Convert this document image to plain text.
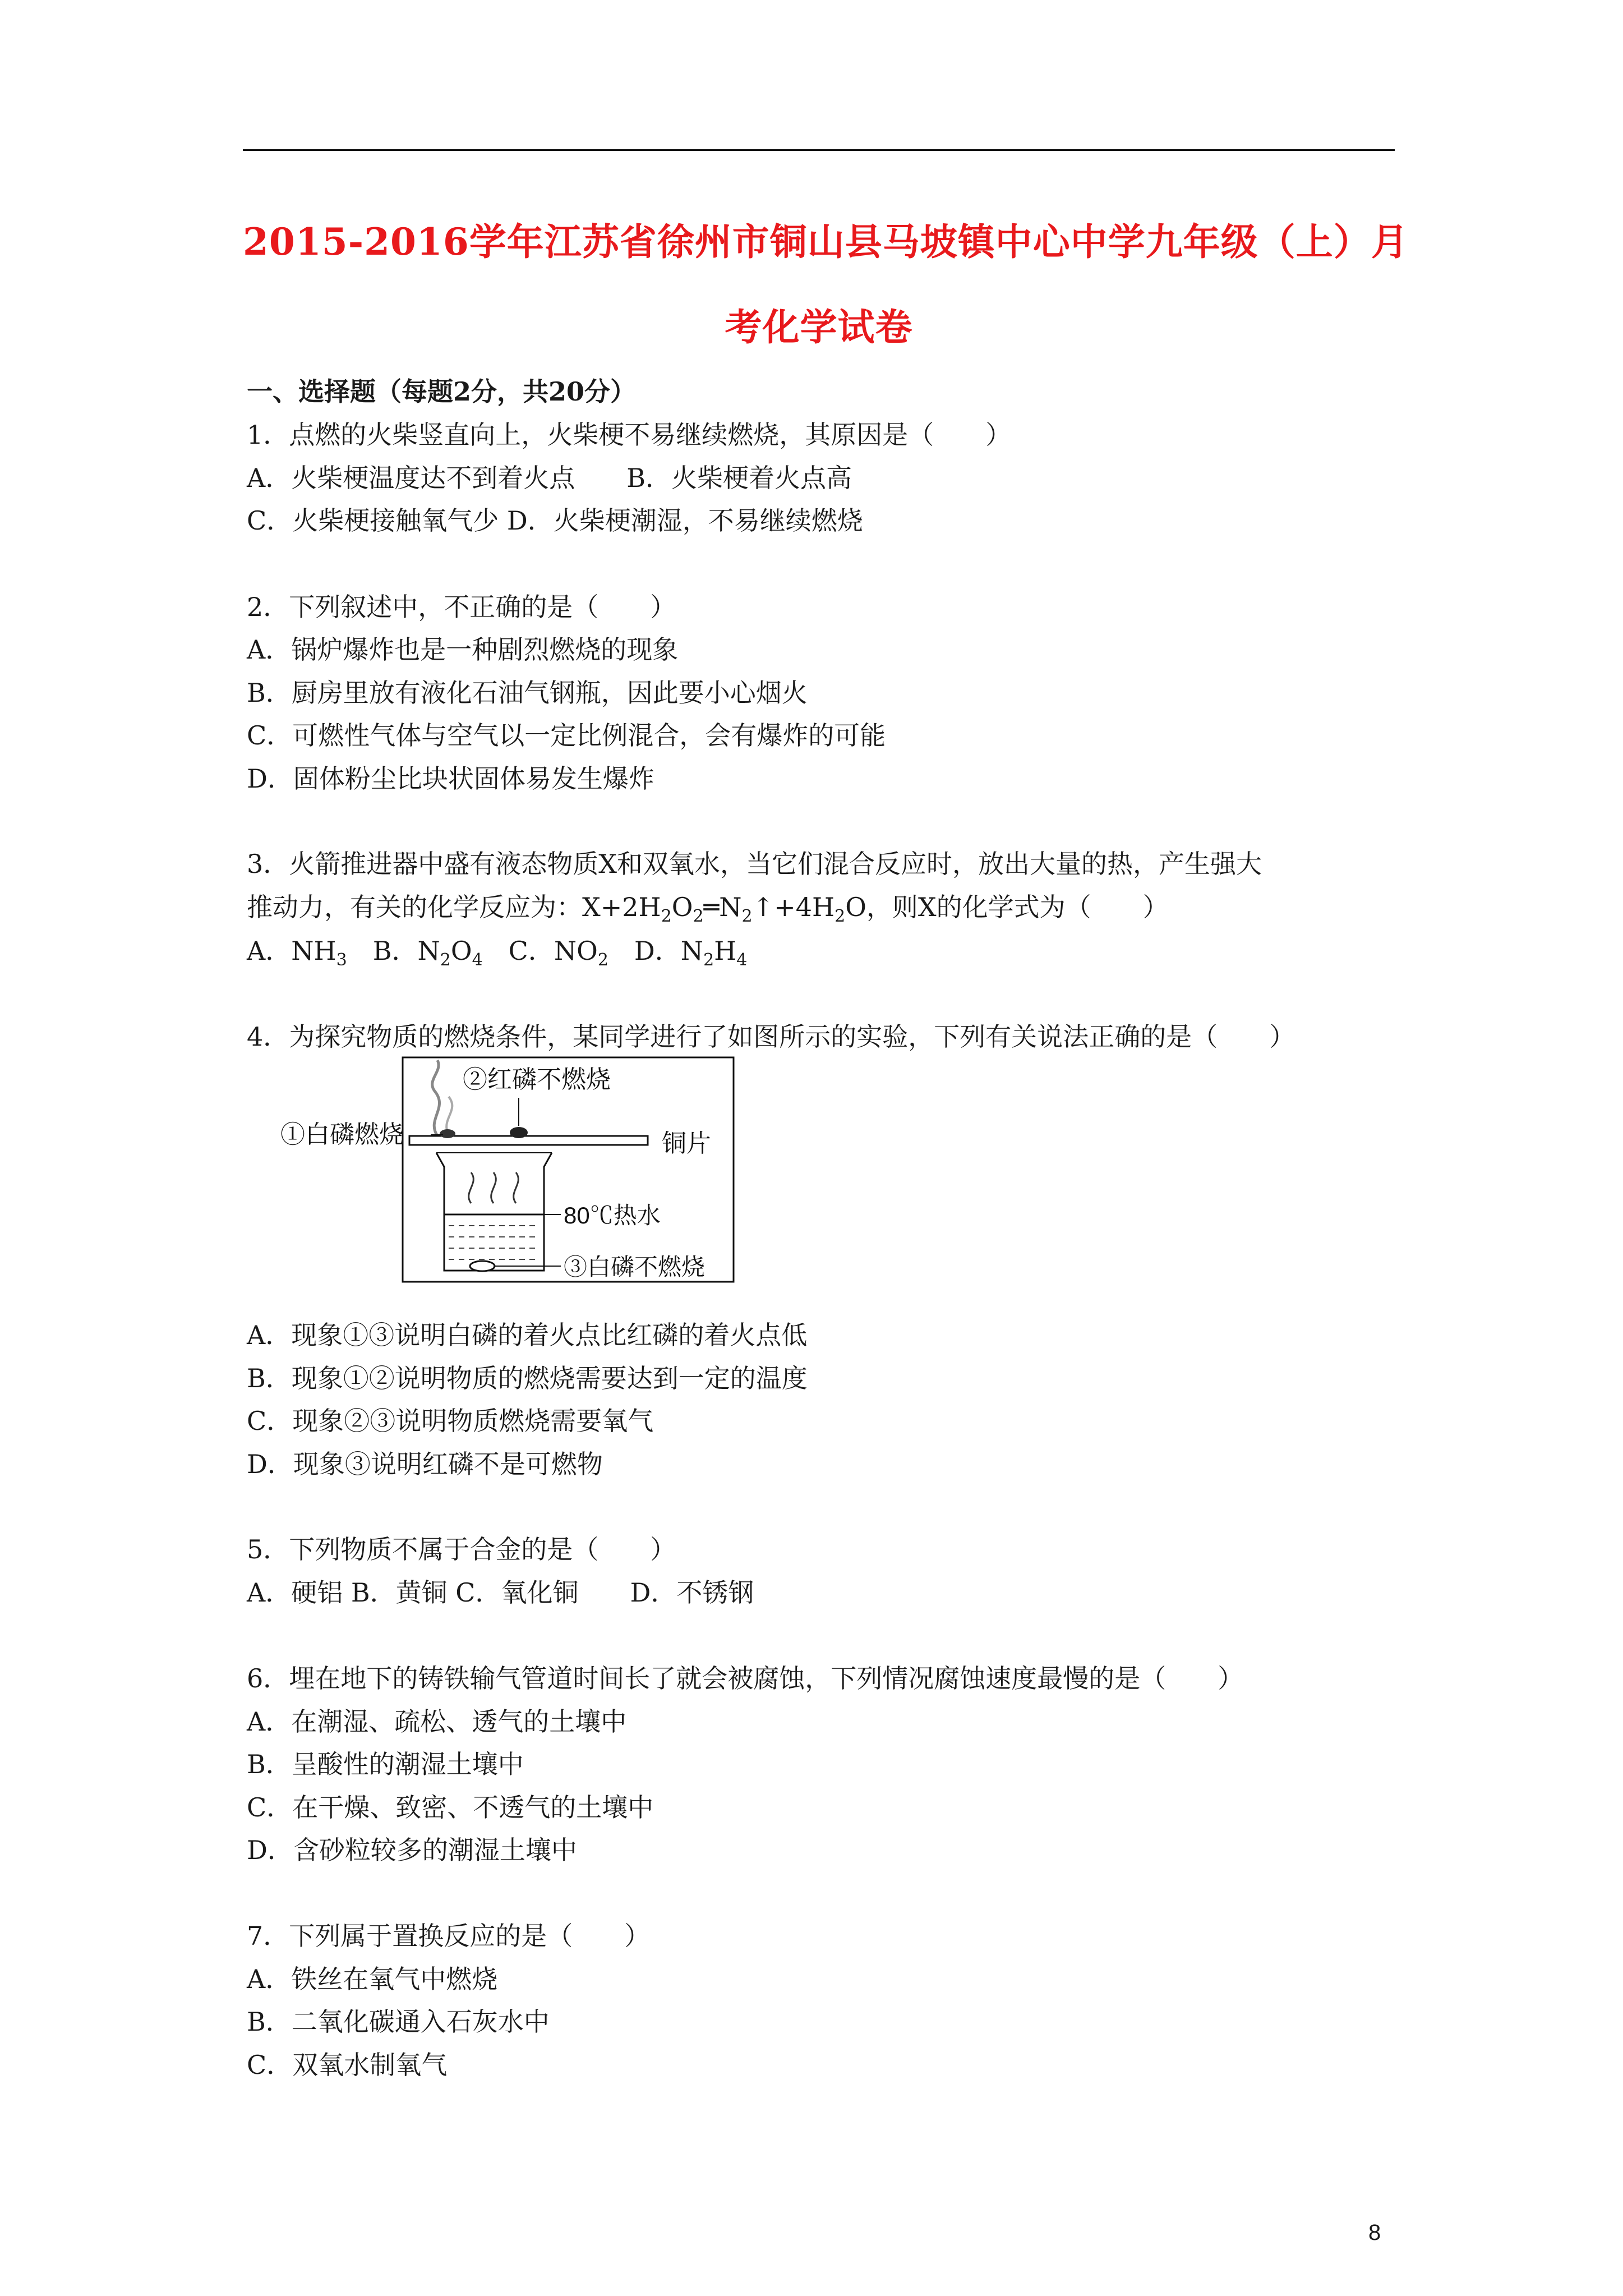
2015-2016学年江苏省徐州市铜山县马坡镇中心中学九年级（上）月
考化学试卷
一、选择题（每题2分，共20分）
1．点燃的火柴竖直向上，火柴梗不易继续燃烧，其原因是（　　）
A．火柴梗温度达不到着火点　　B．火柴梗着火点高
C．火柴梗接触氧气少 D．火柴梗潮湿，不易继续燃烧
2．下列叙述中，不正确的是（　　）
A．锅炉爆炸也是一种剧烈燃烧的现象
B．厨房里放有液化石油气钢瓶，因此要小心烟火
C．可燃性气体与空气以一定比例混合，会有爆炸的可能
D．固体粉尘比块状固体易发生爆炸
3．火箭推进器中盛有液态物质X和双氧水，当它们混合反应时，放出大量的热，产生强大
推动力，有关的化学反应为：$X+2H_2O_2═N_2↑+4H_2O$，则X的化学式为（　　）
A．$NH_3$　 B．$N_2O_4$　 C．$NO_2$　 D．$N_2H_4$
4．为探究物质的燃烧条件，某同学进行了如图所示的实验，下列有关说法正确的是（　　）
②红磷不燃烧
①白磷燃烧	铜片
80℃热水
③白磷不燃烧
A．现象①③说明白磷的着火点比红磷的着火点低
B．现象①②说明物质的燃烧需要达到一定的温度
C．现象②③说明物质燃烧需要氧气
D．现象③说明红磷不是可燃物
5．下列物质不属于合金的是（　　）
A．硬铝 B．黄铜 C．氧化铜　　D．不锈钢
6．埋在地下的铸铁输气管道时间长了就会被腐蚀，下列情况腐蚀速度最慢的是（　　）
A．在潮湿、疏松、透气的土壤中
B．呈酸性的潮湿土壤中
C．在干燥、致密、不透气的土壤中
D．含砂粒较多的潮湿土壤中
7．下列属于置换反应的是（　　）
A．铁丝在氧气中燃烧
B．二氧化碳通入石灰水中
C．双氧水制氧气
8
